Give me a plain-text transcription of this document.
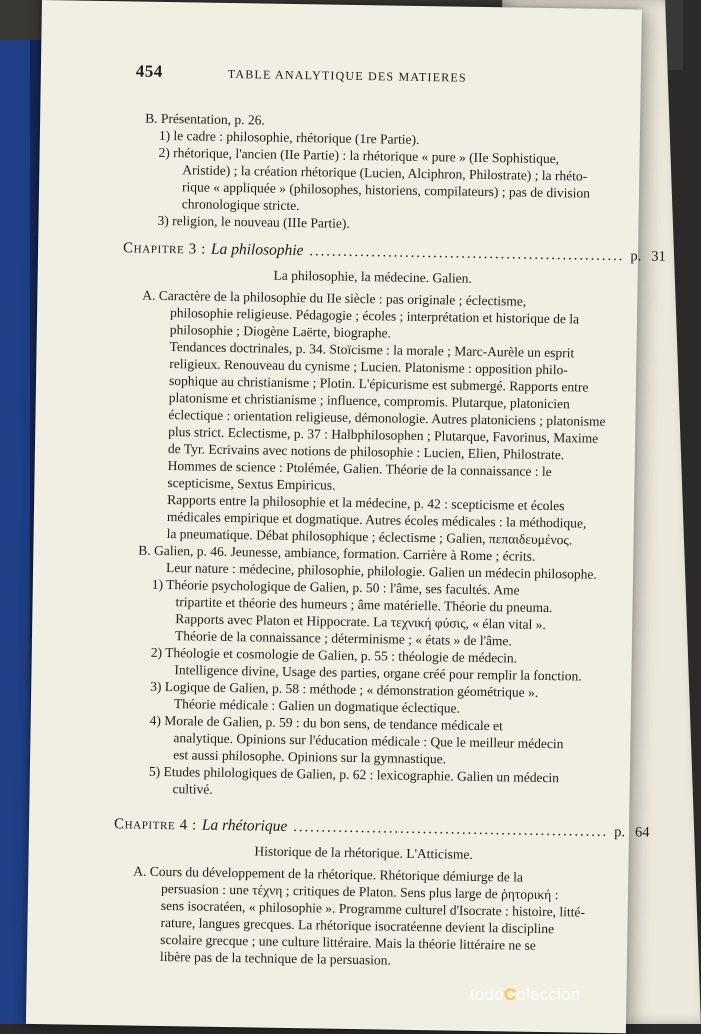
454	TABLE ANALYTIQUE DES MATIERES
B. Présentation, p. 26.
1) le cadre : philosophie, rhétorique (1re Partie).
2) rhétorique, l'ancien (IIe Partie) : la rhétorique « pure » (IIe Sophistique,
Aristide) ; la création rhétorique (Lucien, Alciphron, Philostrate) ; la rhéto-
rique « appliquée » (philosophes, historiens, compilateurs) ; pas de division
chronologique stricte.
3) religion, le nouveau (IIIe Partie).
Chapitre 3 : La philosophie ........................................................ p. 31
La philosophie, la médecine. Galien.
A. Caractère de la philosophie du IIe siècle : pas originale ; éclectisme,
philosophie religieuse. Pédagogie ; écoles ; interprétation et historique de la
philosophie ; Diogène Laërte, biographe.
Tendances doctrinales, p. 34. Stoïcisme : la morale ; Marc-Aurèle un esprit
religieux. Renouveau du cynisme ; Lucien. Platonisme : opposition philo-
sophique au christianisme ; Plotin. L'épicurisme est submergé. Rapports entre
platonisme et christianisme ; influence, compromis. Plutarque, platonicien
éclectique : orientation religieuse, démonologie. Autres platoniciens ; platonisme
plus strict. Eclectisme, p. 37 : Halbphilosophen ; Plutarque, Favorinus, Maxime
de Tyr. Ecrivains avec notions de philosophie : Lucien, Elien, Philostrate.
Hommes de science : Ptolémée, Galien. Théorie de la connaissance : le
scepticisme, Sextus Empiricus.
Rapports entre la philosophie et la médecine, p. 42 : scepticisme et écoles
médicales empirique et dogmatique. Autres écoles médicales : la méthodique,
la pneumatique. Débat philosophique ; éclectisme ; Galien, πεπαιδευμένος.
B. Galien, p. 46. Jeunesse, ambiance, formation. Carrière à Rome ; écrits.
Leur nature : médecine, philosophie, philologie. Galien un médecin philosophe.
1) Théorie psychologique de Galien, p. 50 : l'âme, ses facultés. Ame
tripartite et théorie des humeurs ; âme matérielle. Théorie du pneuma.
Rapports avec Platon et Hippocrate. La τεχνική φύσις, « élan vital ».
Théorie de la connaissance ; déterminisme ; « états » de l'âme.
2) Théologie et cosmologie de Galien, p. 55 : théologie de médecin.
Intelligence divine, Usage des parties, organe créé pour remplir la fonction.
3) Logique de Galien, p. 58 : méthode ; « démonstration géométrique ».
Théorie médicale : Galien un dogmatique éclectique.
4) Morale de Galien, p. 59 : du bon sens, de tendance médicale et
analytique. Opinions sur l'éducation médicale : Que le meilleur médecin
est aussi philosophe. Opinions sur la gymnastique.
5) Etudes philologiques de Galien, p. 62 : lexicographie. Galien un médecin
cultivé.
Chapitre 4 : La rhétorique ........................................................ p. 64
Historique de la rhétorique. L'Atticisme.
A. Cours du développement de la rhétorique. Rhétorique démiurge de la
persuasion : une τέχνη ; critiques de Platon. Sens plus large de ῥητορική :
sens isocratéen, « philosophie ». Programme culturel d'Isocrate : histoire, litté-
rature, langues grecques. La rhétorique isocratéenne devient la discipline
scolaire grecque ; une culture littéraire. Mais la théorie littéraire ne se
libère pas de la technique de la persuasion.
todoColeccion
